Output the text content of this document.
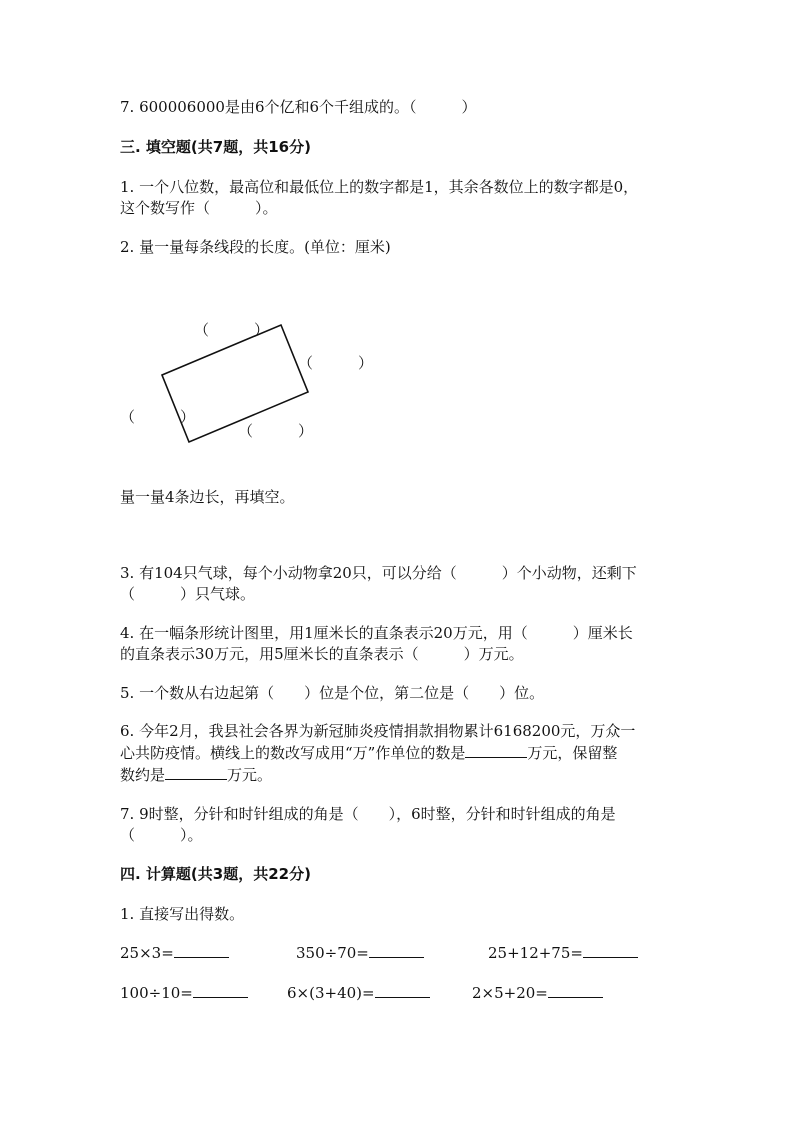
7. 600006000是由6个亿和6个千组成的。（　　　）
三. 填空题(共7题，共16分)
1. 一个八位数，最高位和最低位上的数字都是1，其余各数位上的数字都是0，
这个数写作（　　　）。
2. 量一量每条线段的长度。(单位：厘米)
（　　　）
（　　　）
（　　　）
（　　　）
量一量4条边长，再填空。
3. 有104只气球，每个小动物拿20只，可以分给（　　　）个小动物，还剩下
（　　　）只气球。
4. 在一幅条形统计图里，用1厘米长的直条表示20万元，用（　　　）厘米长
的直条表示30万元，用5厘米长的直条表示（　　　）万元。
5. 一个数从右边起第（　　）位是个位，第二位是（　　）位。
6. 今年2月，我县社会各界为新冠肺炎疫情捐款捐物累计6168200元，万众一
心共防疫情。横线上的数改写成用“万”作单位的数是	万元，保留整
数约是	万元。
7. 9时整，分针和时针组成的角是（　　），6时整，分针和时针组成的角是
（　　　）。
四. 计算题(共3题，共22分)
1. 直接写出得数。
25×3=	350÷70=	25+12+75=
100÷10=	6×(3+40)=	2×5+20=
